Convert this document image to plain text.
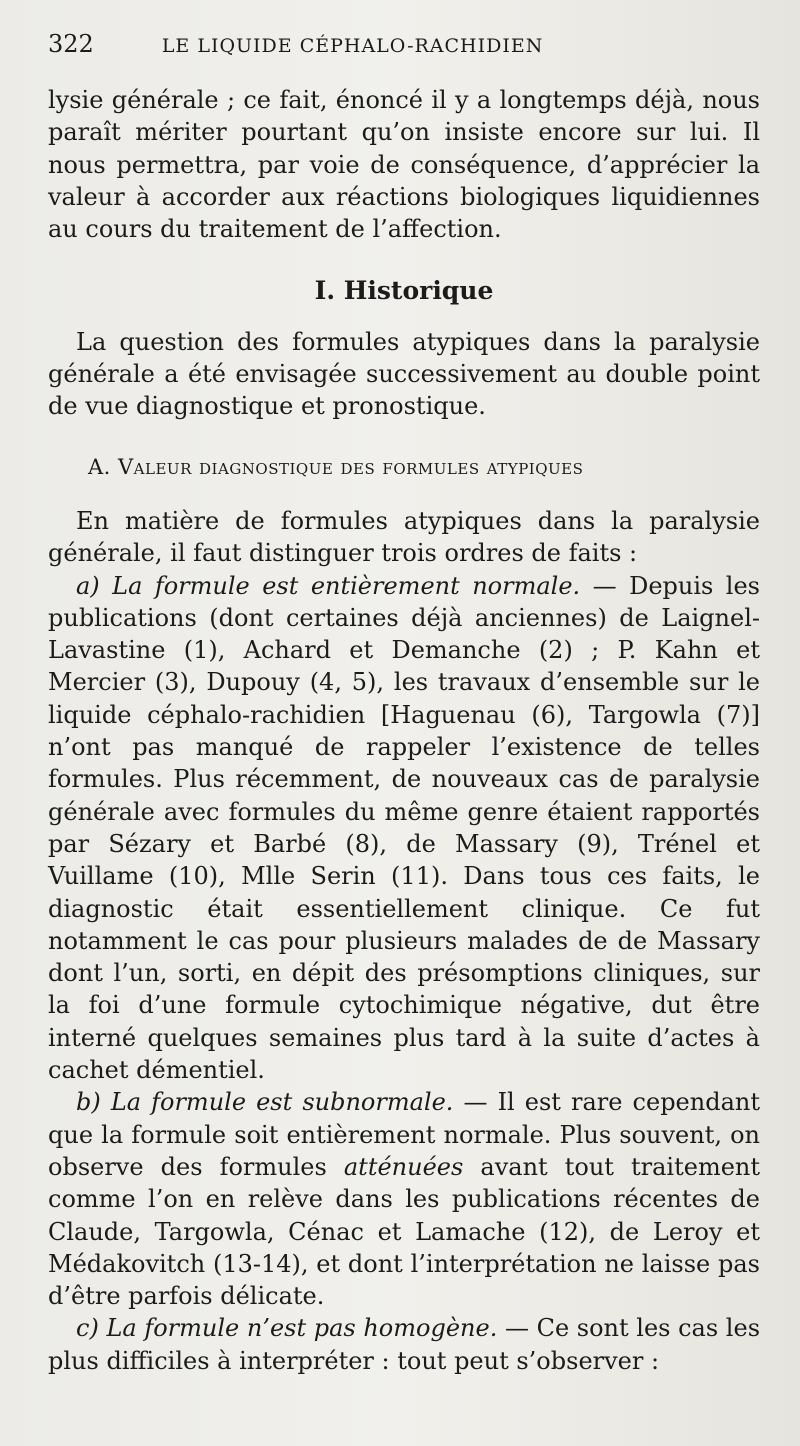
322	LE LIQUIDE CÉPHALO-RACHIDIEN

lysie générale ; ce fait, énoncé il y a longtemps déjà, nous paraît mériter pourtant qu’on insiste encore sur lui. Il nous permettra, par voie de conséquence, d’apprécier la valeur à accorder aux réactions biologiques liquidiennes au cours du traitement de l’affection.

I. Historique

La question des formules atypiques dans la paralysie générale a été envisagée successivement au double point de vue diagnostique et pronostique.

A. Valeur diagnostique des formules atypiques

En matière de formules atypiques dans la paralysie générale, il faut distinguer trois ordres de faits :

a) La formule est entièrement normale. — Depuis les publications (dont certaines déjà anciennes) de Laignel-Lavastine (1), Achard et Demanche (2) ; P. Kahn et Mercier (3), Dupouy (4, 5), les travaux d’ensemble sur le liquide céphalo-rachidien [Haguenau (6), Targowla (7)] n’ont pas manqué de rappeler l’existence de telles formules. Plus récemment, de nouveaux cas de paralysie générale avec formules du même genre étaient rapportés par Sézary et Barbé (8), de Massary (9), Trénel et Vuillame (10), Mlle Serin (11). Dans tous ces faits, le diagnostic était essentiellement clinique. Ce fut notamment le cas pour plusieurs malades de de Massary dont l’un, sorti, en dépit des présomptions cliniques, sur la foi d’une formule cytochimique négative, dut être interné quelques semaines plus tard à la suite d’actes à cachet démentiel.

b) La formule est subnormale. — Il est rare cependant que la formule soit entièrement normale. Plus souvent, on observe des formules atténuées avant tout traitement comme l’on en relève dans les publications récentes de Claude, Targowla, Cénac et Lamache (12), de Leroy et Médakovitch (13-14), et dont l’interprétation ne laisse pas d’être parfois délicate.

c) La formule n’est pas homogène. — Ce sont les cas les plus difficiles à interpréter : tout peut s’observer :
